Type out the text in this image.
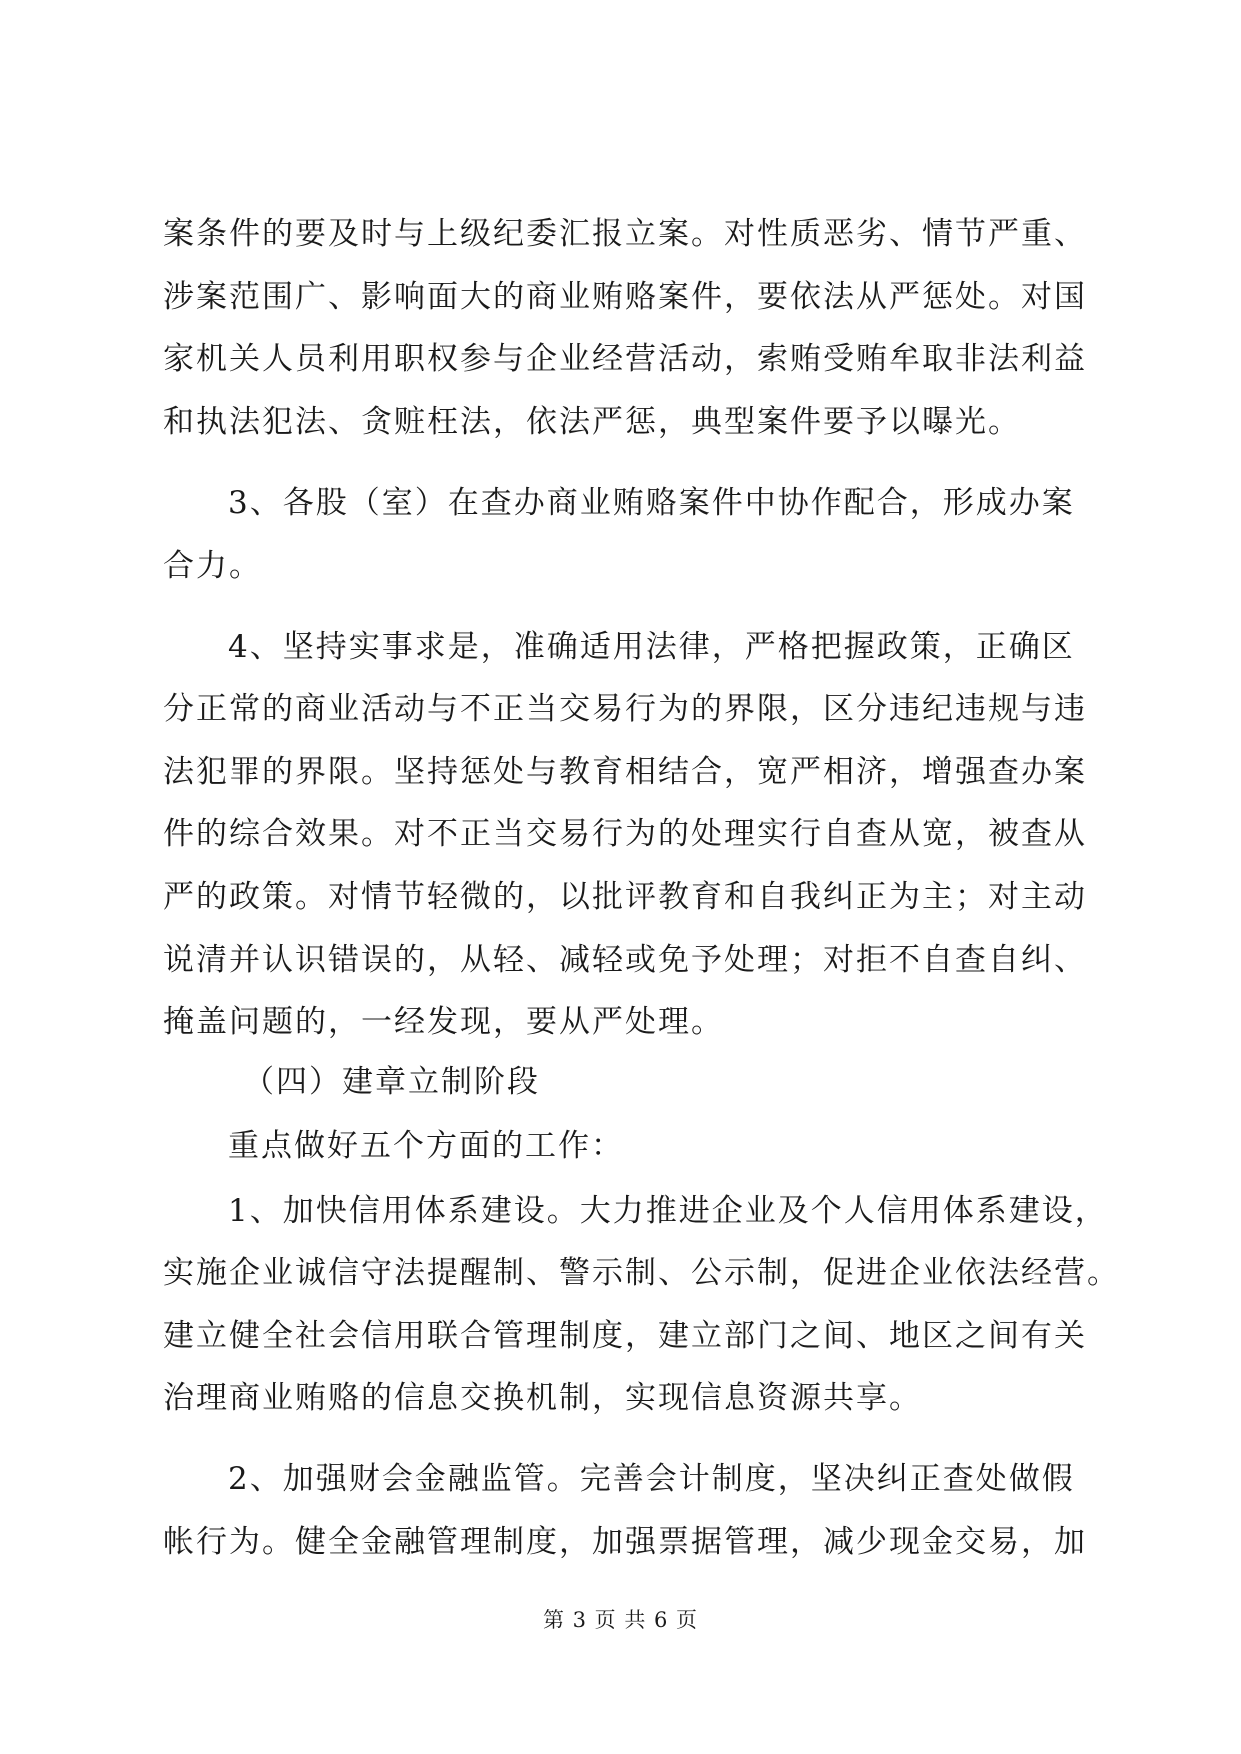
案条件的要及时与上级纪委汇报立案。对性质恶劣、情节严重、
涉案范围广、影响面大的商业贿赂案件，要依法从严惩处。对国
家机关人员利用职权参与企业经营活动，索贿受贿牟取非法利益
和执法犯法、贪赃枉法，依法严惩，典型案件要予以曝光。
3、各股（室）在查办商业贿赂案件中协作配合，形成办案
合力。
4、坚持实事求是，准确适用法律，严格把握政策，正确区
分正常的商业活动与不正当交易行为的界限，区分违纪违规与违
法犯罪的界限。坚持惩处与教育相结合，宽严相济，增强查办案
件的综合效果。对不正当交易行为的处理实行自查从宽，被查从
严的政策。对情节轻微的，以批评教育和自我纠正为主；对主动
说清并认识错误的，从轻、减轻或免予处理；对拒不自查自纠、
掩盖问题的，一经发现，要从严处理。
（四）建章立制阶段
重点做好五个方面的工作：
1、加快信用体系建设。大力推进企业及个人信用体系建设，
实施企业诚信守法提醒制、警示制、公示制，促进企业依法经营。
建立健全社会信用联合管理制度，建立部门之间、地区之间有关
治理商业贿赂的信息交换机制，实现信息资源共享。
2、加强财会金融监管。完善会计制度，坚决纠正查处做假
帐行为。健全金融管理制度，加强票据管理，减少现金交易，加
第 3 页 共 6 页
